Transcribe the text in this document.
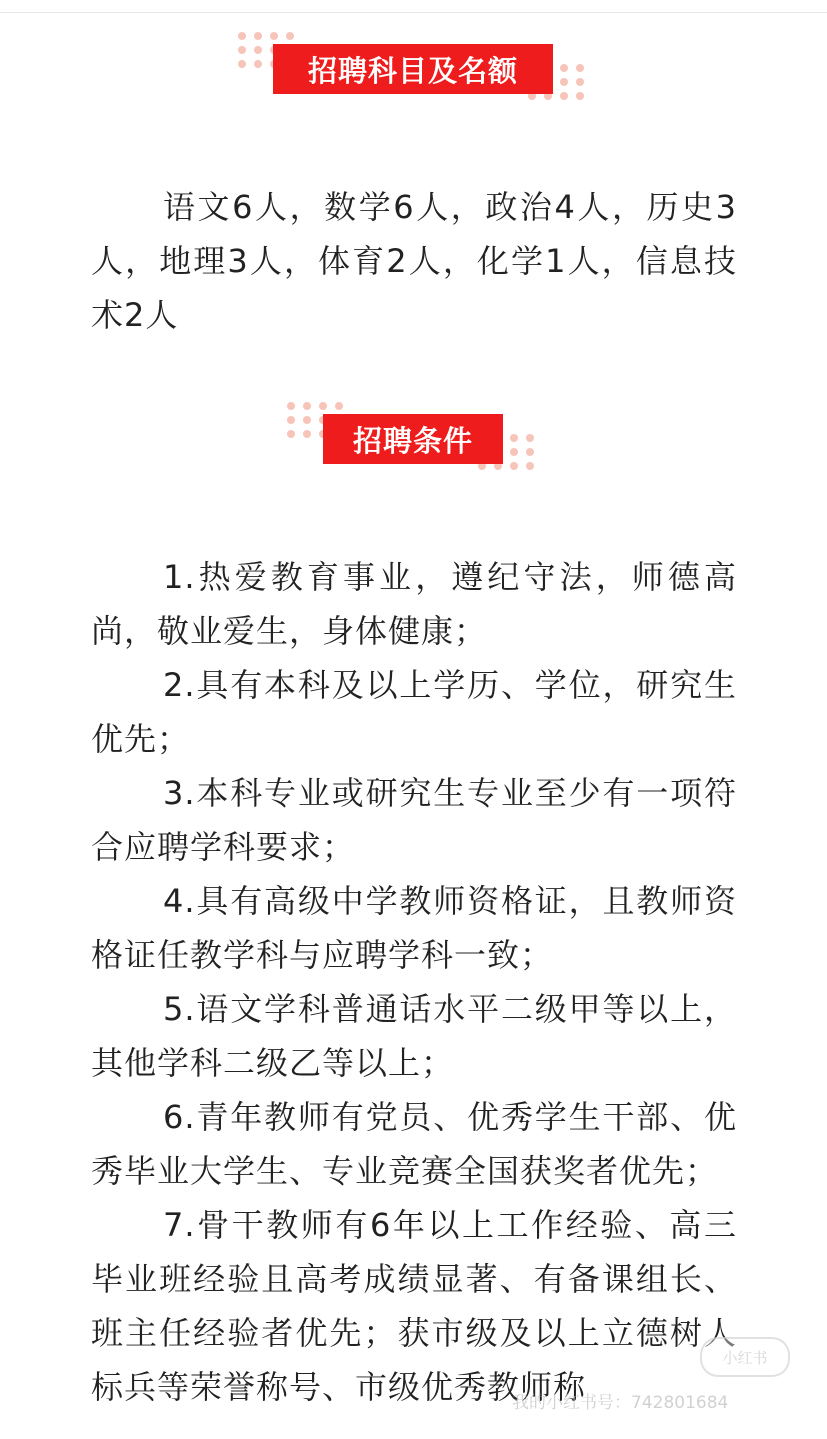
招聘科目及名额

语文6人，数学6人，政治4人，历史3人，地理3人，体育2人，化学1人，信息技术2人

招聘条件

1.热爱教育事业，遵纪守法，师德高尚，敬业爱生，身体健康；

2.具有本科及以上学历、学位，研究生优先；

3.本科专业或研究生专业至少有一项符合应聘学科要求；

4.具有高级中学教师资格证，且教师资格证任教学科与应聘学科一致；

5.语文学科普通话水平二级甲等以上，其他学科二级乙等以上；

6.青年教师有党员、优秀学生干部、优秀毕业大学生、专业竞赛全国获奖者优先；

7.骨干教师有6年以上工作经验、高三毕业班经验且高考成绩显著、有备课组长、班主任经验者优先；获市级及以上立德树人标兵等荣誉称号、市级优秀教师称

小红书
我的小红书号：742801684
